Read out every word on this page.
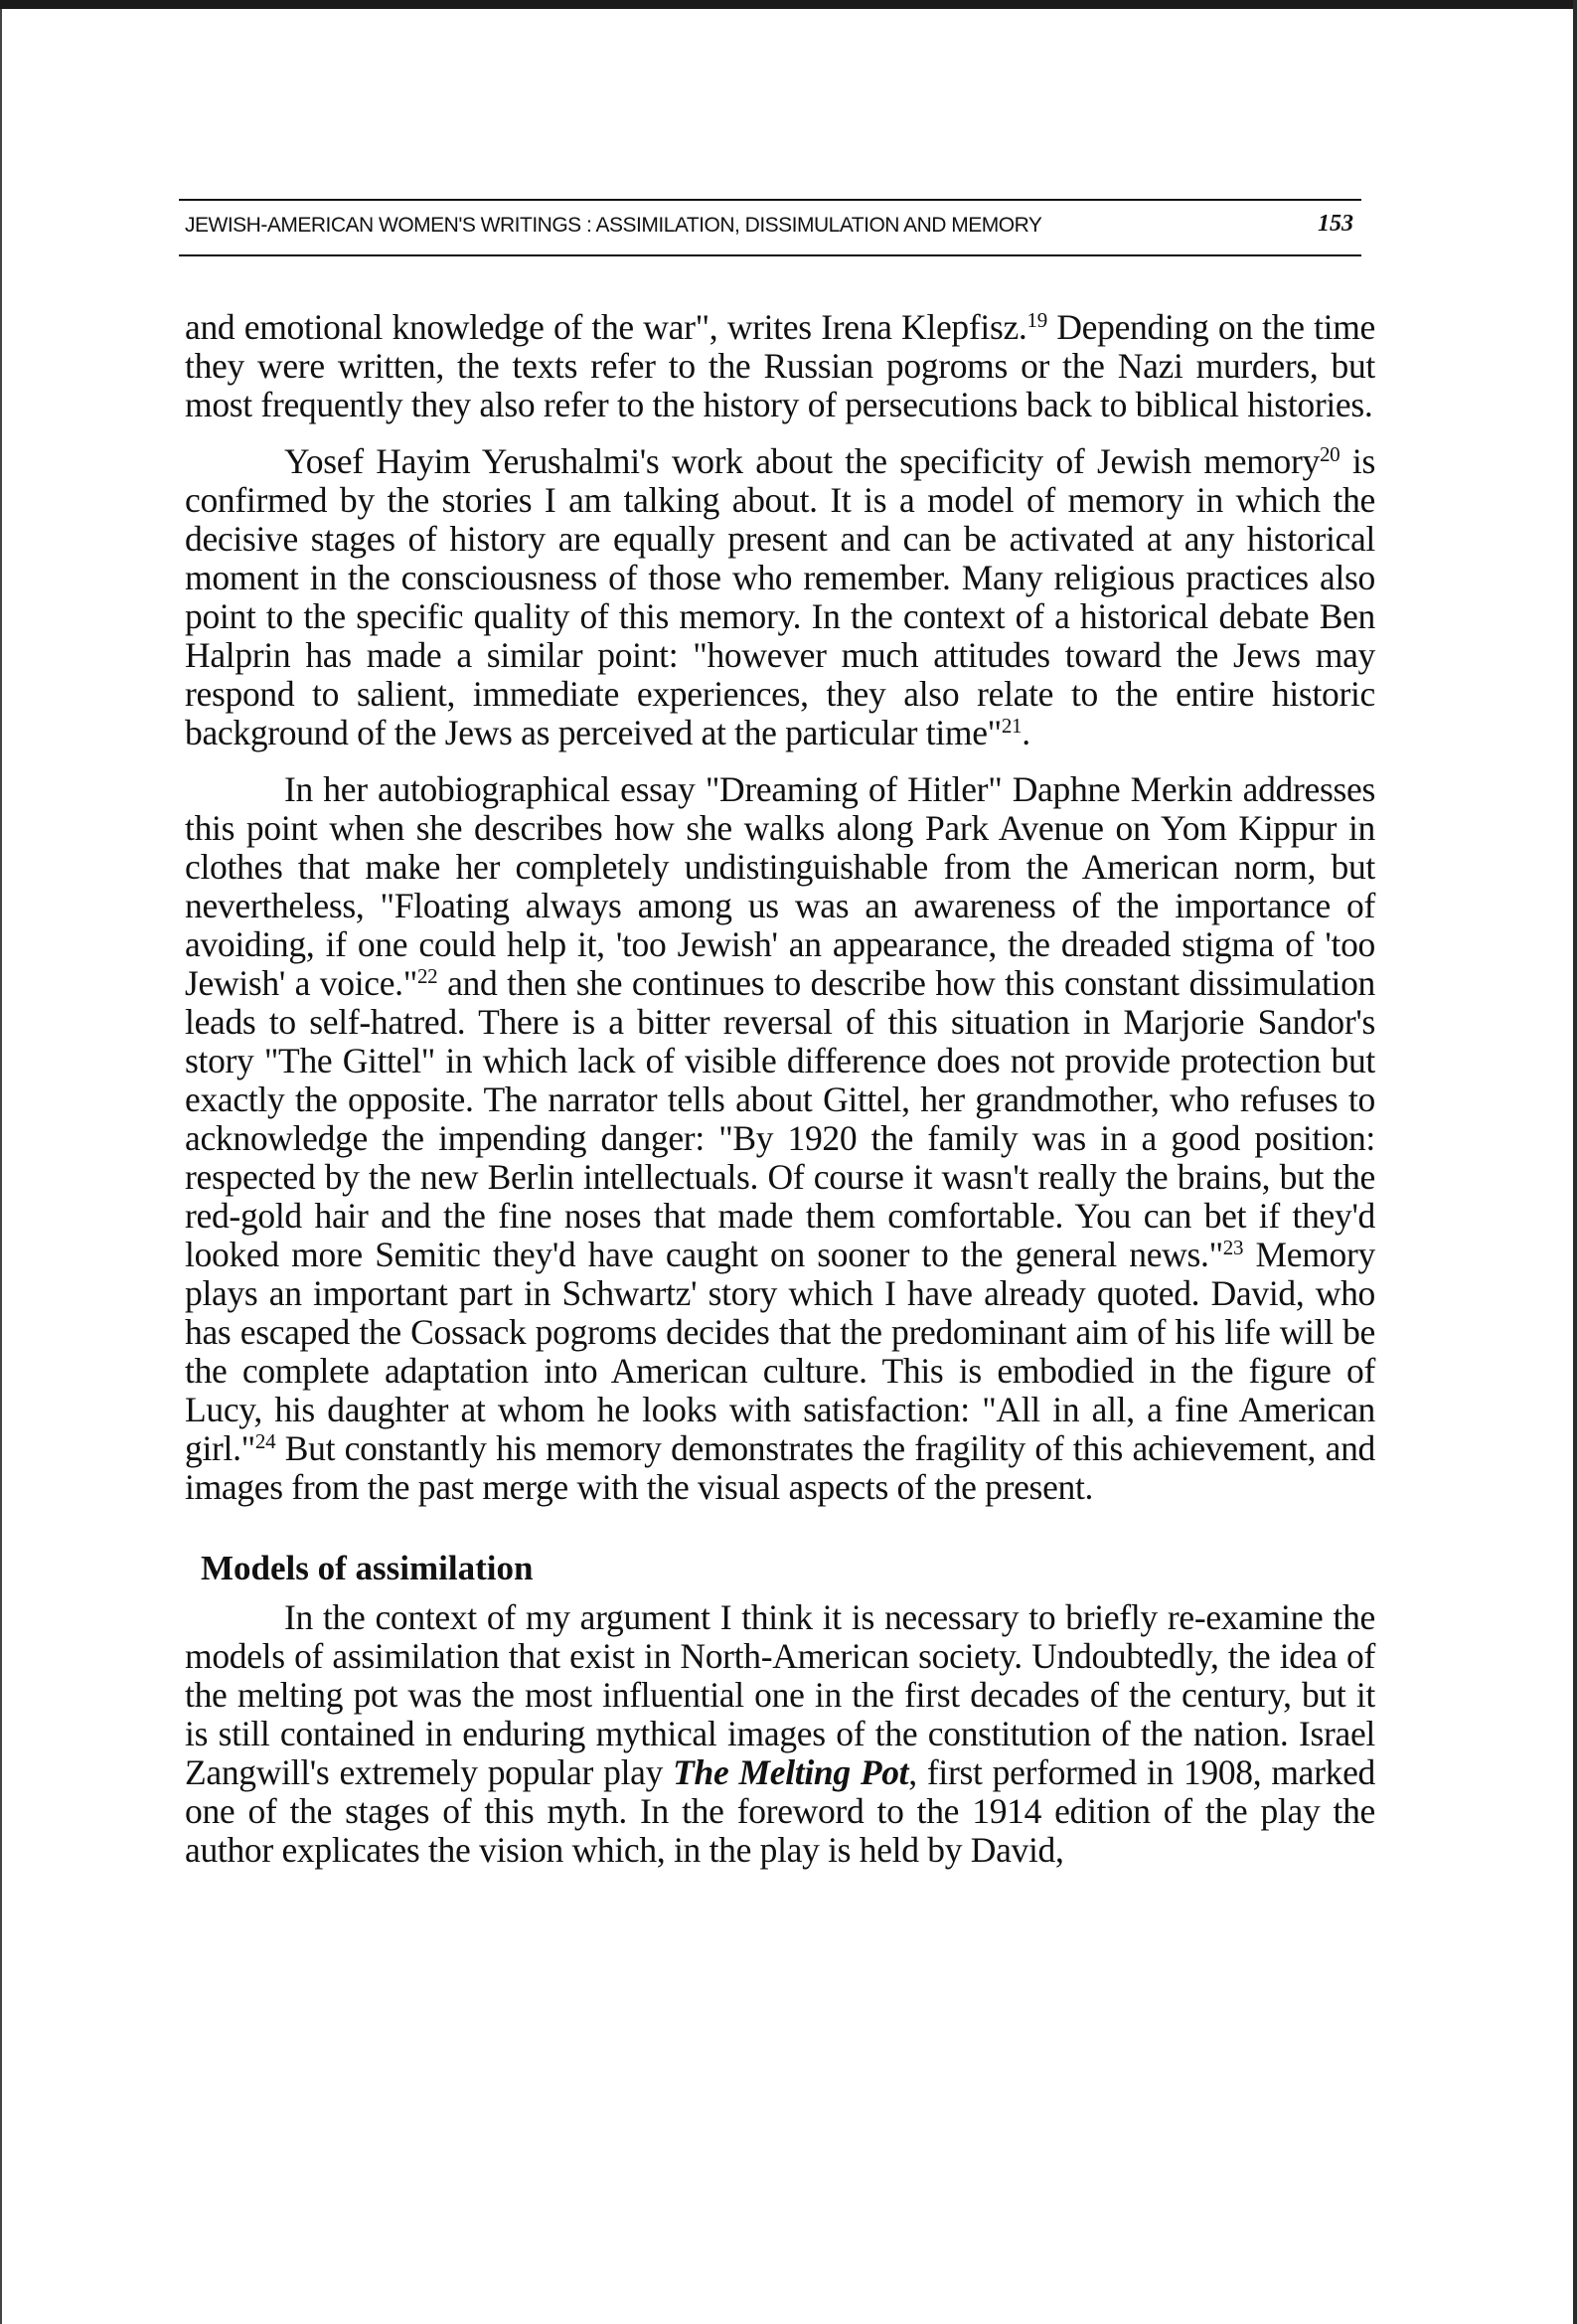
JEWISH-AMERICAN WOMEN'S WRITINGS : ASSIMILATION, DISSIMULATION AND MEMORY	153

and emotional knowledge of the war", writes Irena Klepfisz.$^{19}$ Depending on the time they were written, the texts refer to the Russian pogroms or the Nazi murders, but most frequently they also refer to the history of persecutions back to biblical histories.

Yosef Hayim Yerushalmi's work about the specificity of Jewish memory$^{20}$ is confirmed by the stories I am talking about. It is a model of memory in which the decisive stages of history are equally present and can be activated at any historical moment in the consciousness of those who remember. Many religious practices also point to the specific quality of this memory. In the context of a historical debate Ben Halprin has made a similar point: "however much attitudes toward the Jews may respond to salient, immediate experiences, they also relate to the entire historic background of the Jews as perceived at the particular time"$^{21}$.

In her autobiographical essay "Dreaming of Hitler" Daphne Merkin addresses this point when she describes how she walks along Park Avenue on Yom Kippur in clothes that make her completely undistinguishable from the American norm, but nevertheless, "Floating always among us was an awareness of the importance of avoiding, if one could help it, 'too Jewish' an appearance, the dreaded stigma of 'too Jewish' a voice."$^{22}$ and then she continues to describe how this constant dissimulation leads to self-hatred. There is a bitter reversal of this situation in Marjorie Sandor's story "The Gittel" in which lack of visible difference does not provide protection but exactly the opposite. The narrator tells about Gittel, her grandmother, who refuses to acknowledge the impending danger: "By 1920 the family was in a good position: respected by the new Berlin intellectuals. Of course it wasn't really the brains, but the red-gold hair and the fine noses that made them comfortable. You can bet if they'd looked more Semitic they'd have caught on sooner to the general news."$^{23}$ Memory plays an important part in Schwartz' story which I have already quoted. David, who has escaped the Cossack pogroms decides that the predominant aim of his life will be the complete adaptation into American culture. This is embodied in the figure of Lucy, his daughter at whom he looks with satisfaction: "All in all, a fine American girl."$^{24}$ But constantly his memory demonstrates the fragility of this achievement, and images from the past merge with the visual aspects of the present.

Models of assimilation

In the context of my argument I think it is necessary to briefly re-examine the models of assimilation that exist in North-American society. Undoubtedly, the idea of the melting pot was the most influential one in the first decades of the century, but it is still contained in enduring mythical images of the constitution of the nation. Israel Zangwill's extremely popular play The Melting Pot, first performed in 1908, marked one of the stages of this myth. In the foreword to the 1914 edition of the play the author explicates the vision which, in the play is held by David,
